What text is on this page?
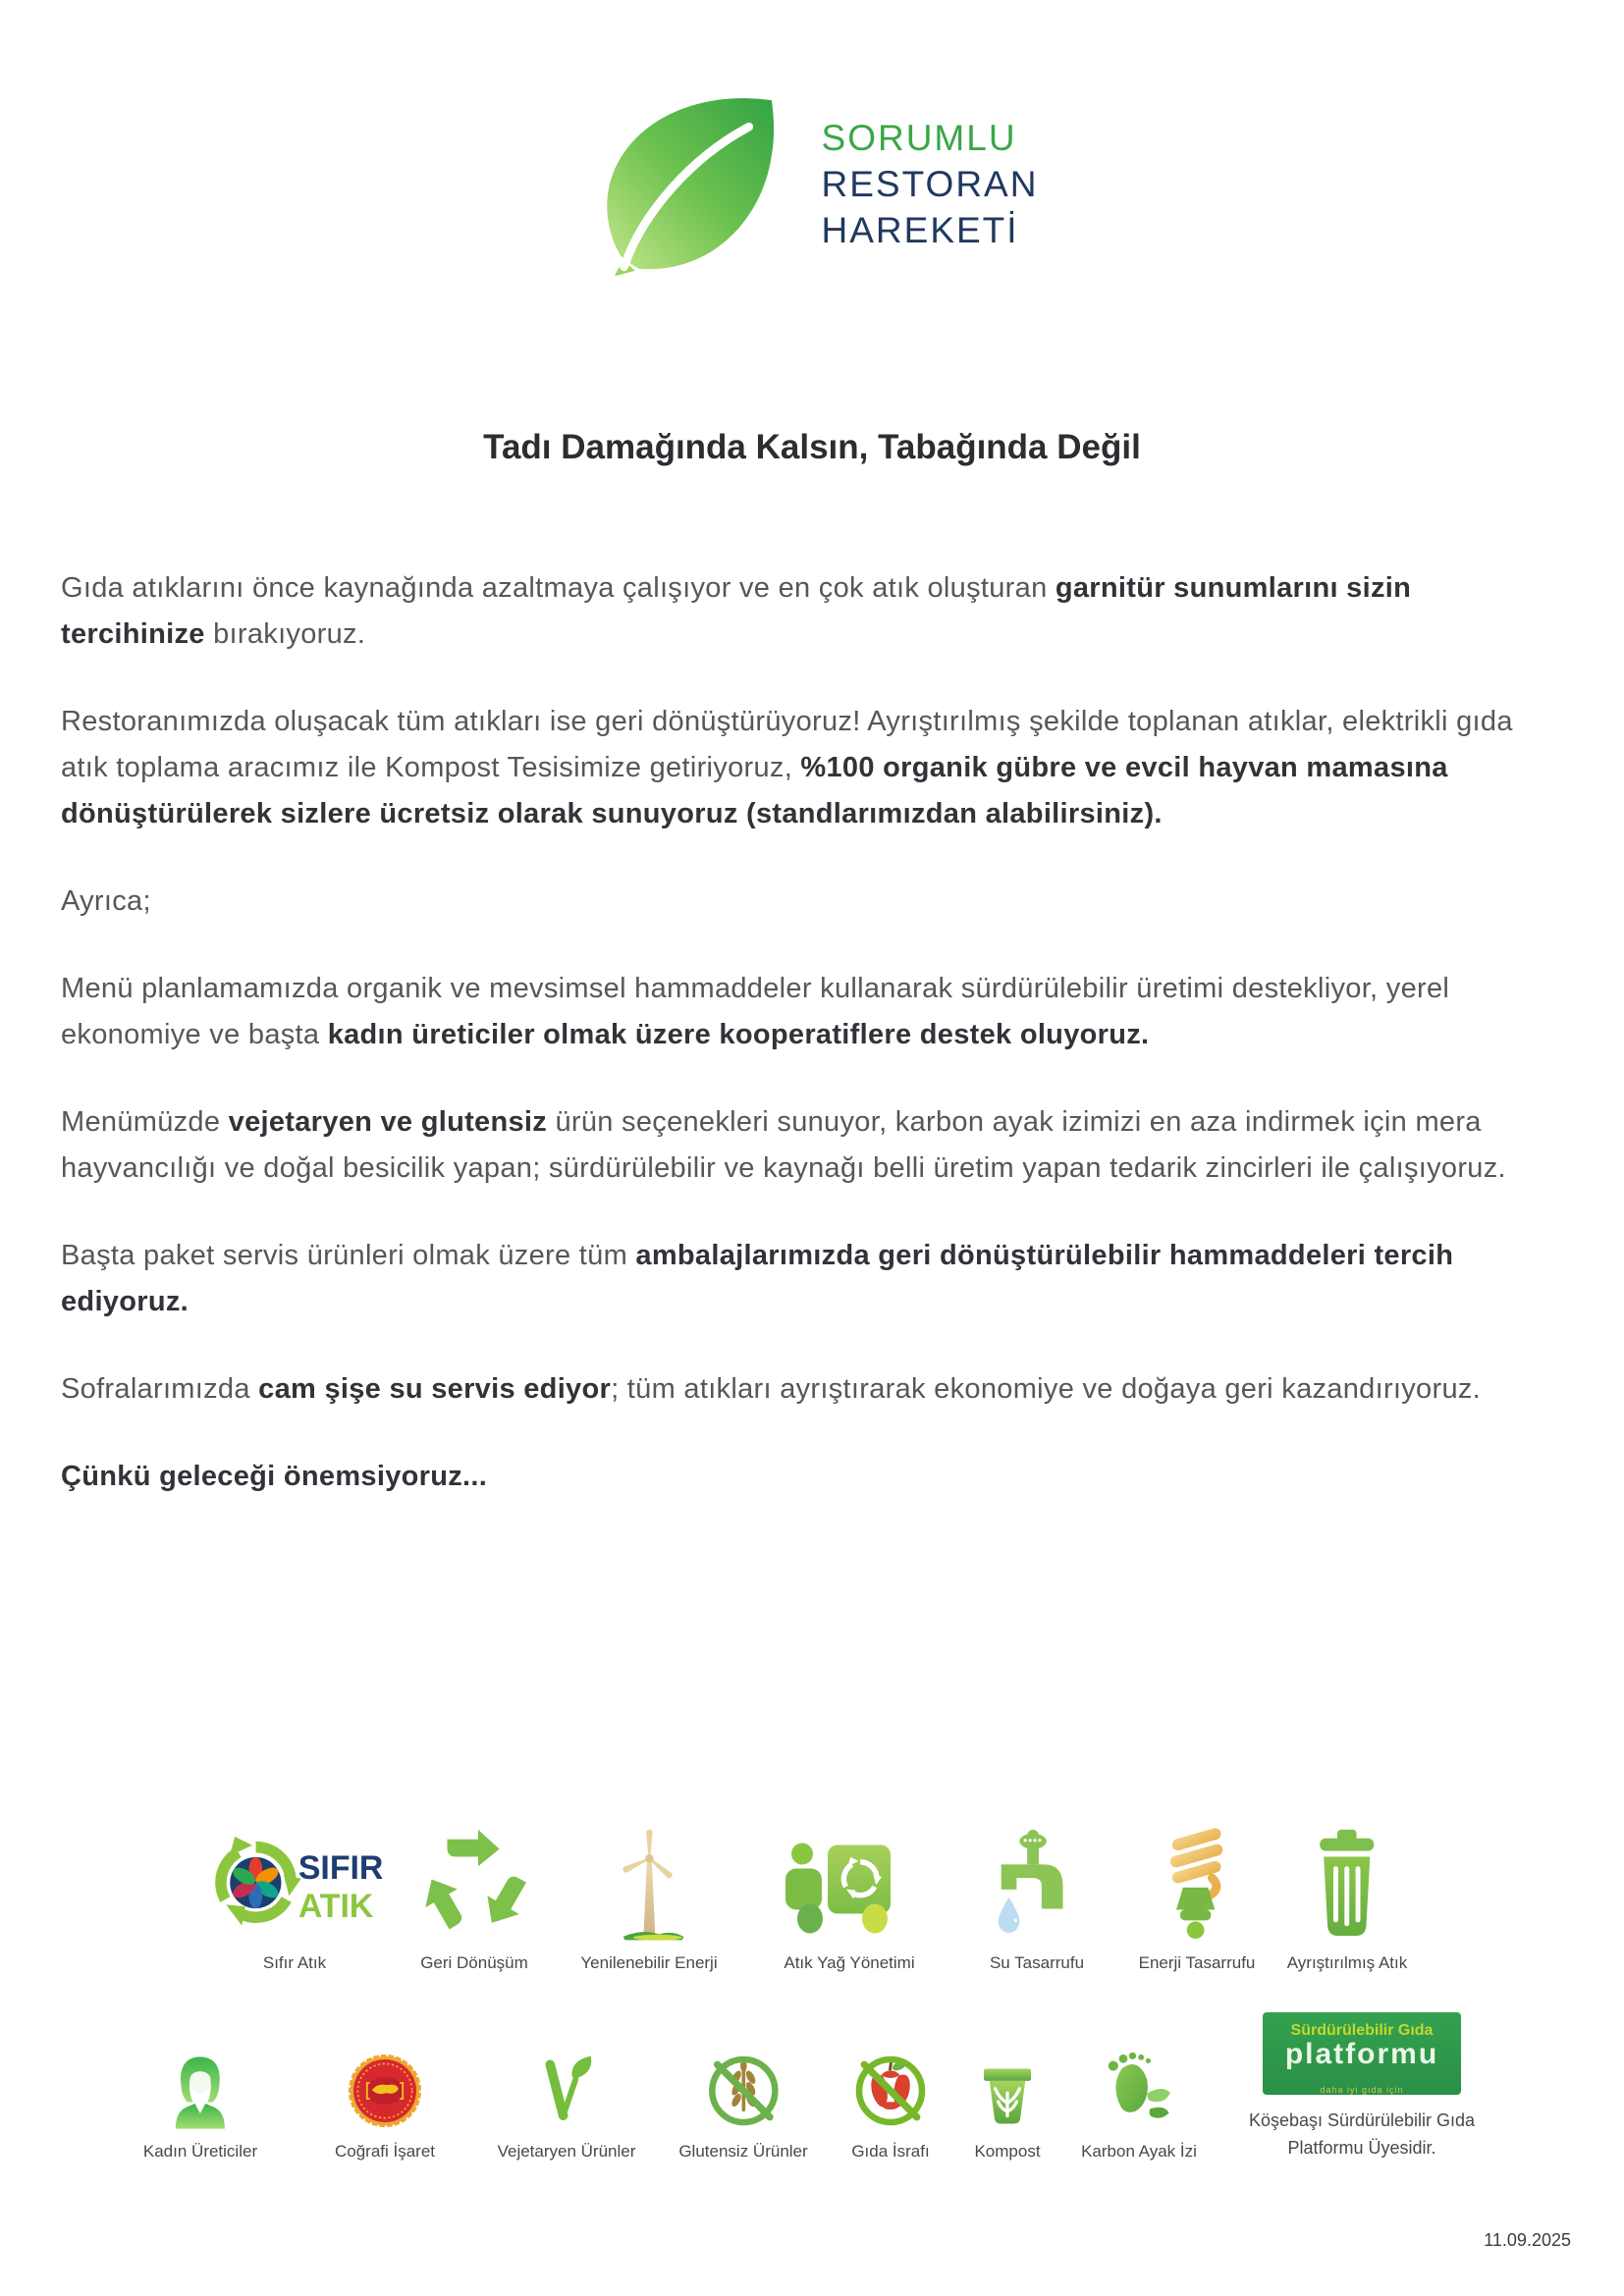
SORUMLU
RESTORAN
HAREKETİ
Tadı Damağında Kalsın, Tabağında Değil

Gıda atıklarını önce kaynağında azaltmaya çalışıyor ve en çok atık oluşturan garnitür sunumlarını sizin tercihinize bırakıyoruz.

Restoranımızda oluşacak tüm atıkları ise geri dönüştürüyoruz! Ayrıştırılmış şekilde toplanan atıklar, elektrikli gıda atık toplama aracımız ile Kompost Tesisimize getiriyoruz, %100 organik gübre ve evcil hayvan mamasına dönüştürülerek sizlere ücretsiz olarak sunuyoruz (standlarımızdan alabilirsiniz).

Ayrıca;

Menü planlamamızda organik ve mevsimsel hammaddeler kullanarak sürdürülebilir üretimi destekliyor, yerel ekonomiye ve başta kadın üreticiler olmak üzere kooperatiflere destek oluyoruz.

Menümüzde vejetaryen ve glutensiz ürün seçenekleri sunuyor, karbon ayak izimizi en aza indirmek için mera hayvancılığı ve doğal besicilik yapan; sürdürülebilir ve kaynağı belli üretim yapan tedarik zincirleri ile çalışıyoruz.

Başta paket servis ürünleri olmak üzere tüm ambalajlarımızda geri dönüştürülebilir hammaddeleri tercih ediyoruz.

Sofralarımızda cam şişe su servis ediyor; tüm atıkları ayrıştırarak ekonomiye ve doğaya geri kazandırıyoruz.

Çünkü geleceği önemsiyoruz...

SIFIR
ATIK
Sıfır Atık	Geri Dönüşüm	Yenilenebilir Enerji	Atık Yağ Yönetimi	Su Tasarrufu	Enerji Tasarrufu Ayrıştırılmış Atık
Kadın Üreticiler	Coğrafi İşaret	Vejetaryen Ürünler	Glutensiz Ürünler	Gıda İsrafı	Kompost Karbon Ayak İzi
Sürdürülebilir Gıda
platformu
daha iyi gıda için
Köşebaşı Sürdürülebilir Gıda Platformu Üyesidir.
11.09.2025
